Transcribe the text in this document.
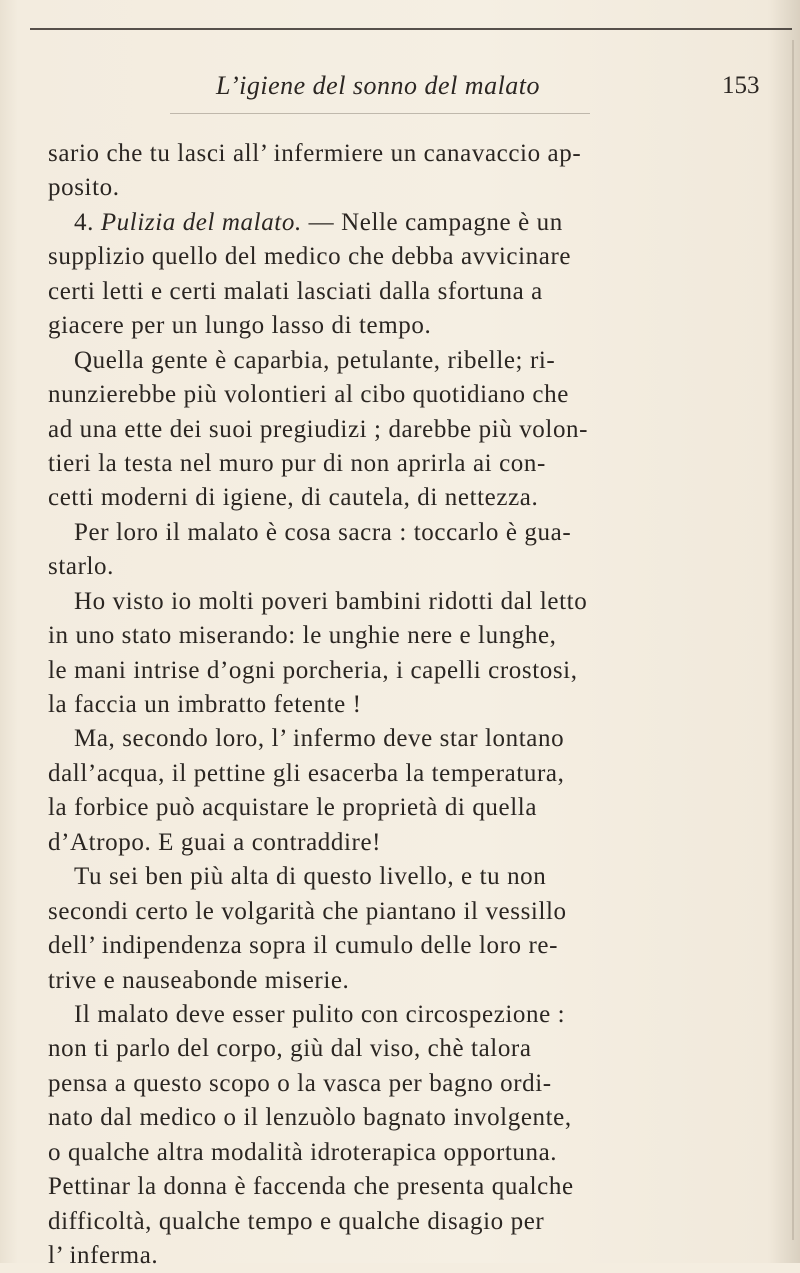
L’igiene del sonno del malato	153
sario che tu lasci all’ infermiere un canavaccio ap-
posito.
4. Pulizia del malato. — Nelle campagne è un
supplizio quello del medico che debba avvicinare
certi letti e certi malati lasciati dalla sfortuna a
giacere per un lungo lasso di tempo.
Quella gente è caparbia, petulante, ribelle; ri-
nunzierebbe più volontieri al cibo quotidiano che
ad una ette dei suoi pregiudizi ; darebbe più volon-
tieri la testa nel muro pur di non aprirla ai con-
cetti moderni di igiene, di cautela, di nettezza.
Per loro il malato è cosa sacra : toccarlo è gua-
starlo.
Ho visto io molti poveri bambini ridotti dal letto
in uno stato miserando: le unghie nere e lunghe,
le mani intrise d’ogni porcheria, i capelli crostosi,
la faccia un imbratto fetente !
Ma, secondo loro, l’ infermo deve star lontano
dall’acqua, il pettine gli esacerba la temperatura,
la forbice può acquistare le proprietà di quella
d’Atropo. E guai a contraddire!
Tu sei ben più alta di questo livello, e tu non
secondi certo le volgarità che piantano il vessillo
dell’ indipendenza sopra il cumulo delle loro re-
trive e nauseabonde miserie.
Il malato deve esser pulito con circospezione :
non ti parlo del corpo, giù dal viso, chè talora
pensa a questo scopo o la vasca per bagno ordi-
nato dal medico o il lenzuòlo bagnato involgente,
o qualche altra modalità idroterapica opportuna.
Pettinar la donna è faccenda che presenta qualche
difficoltà, qualche tempo e qualche disagio per
l’ inferma.
